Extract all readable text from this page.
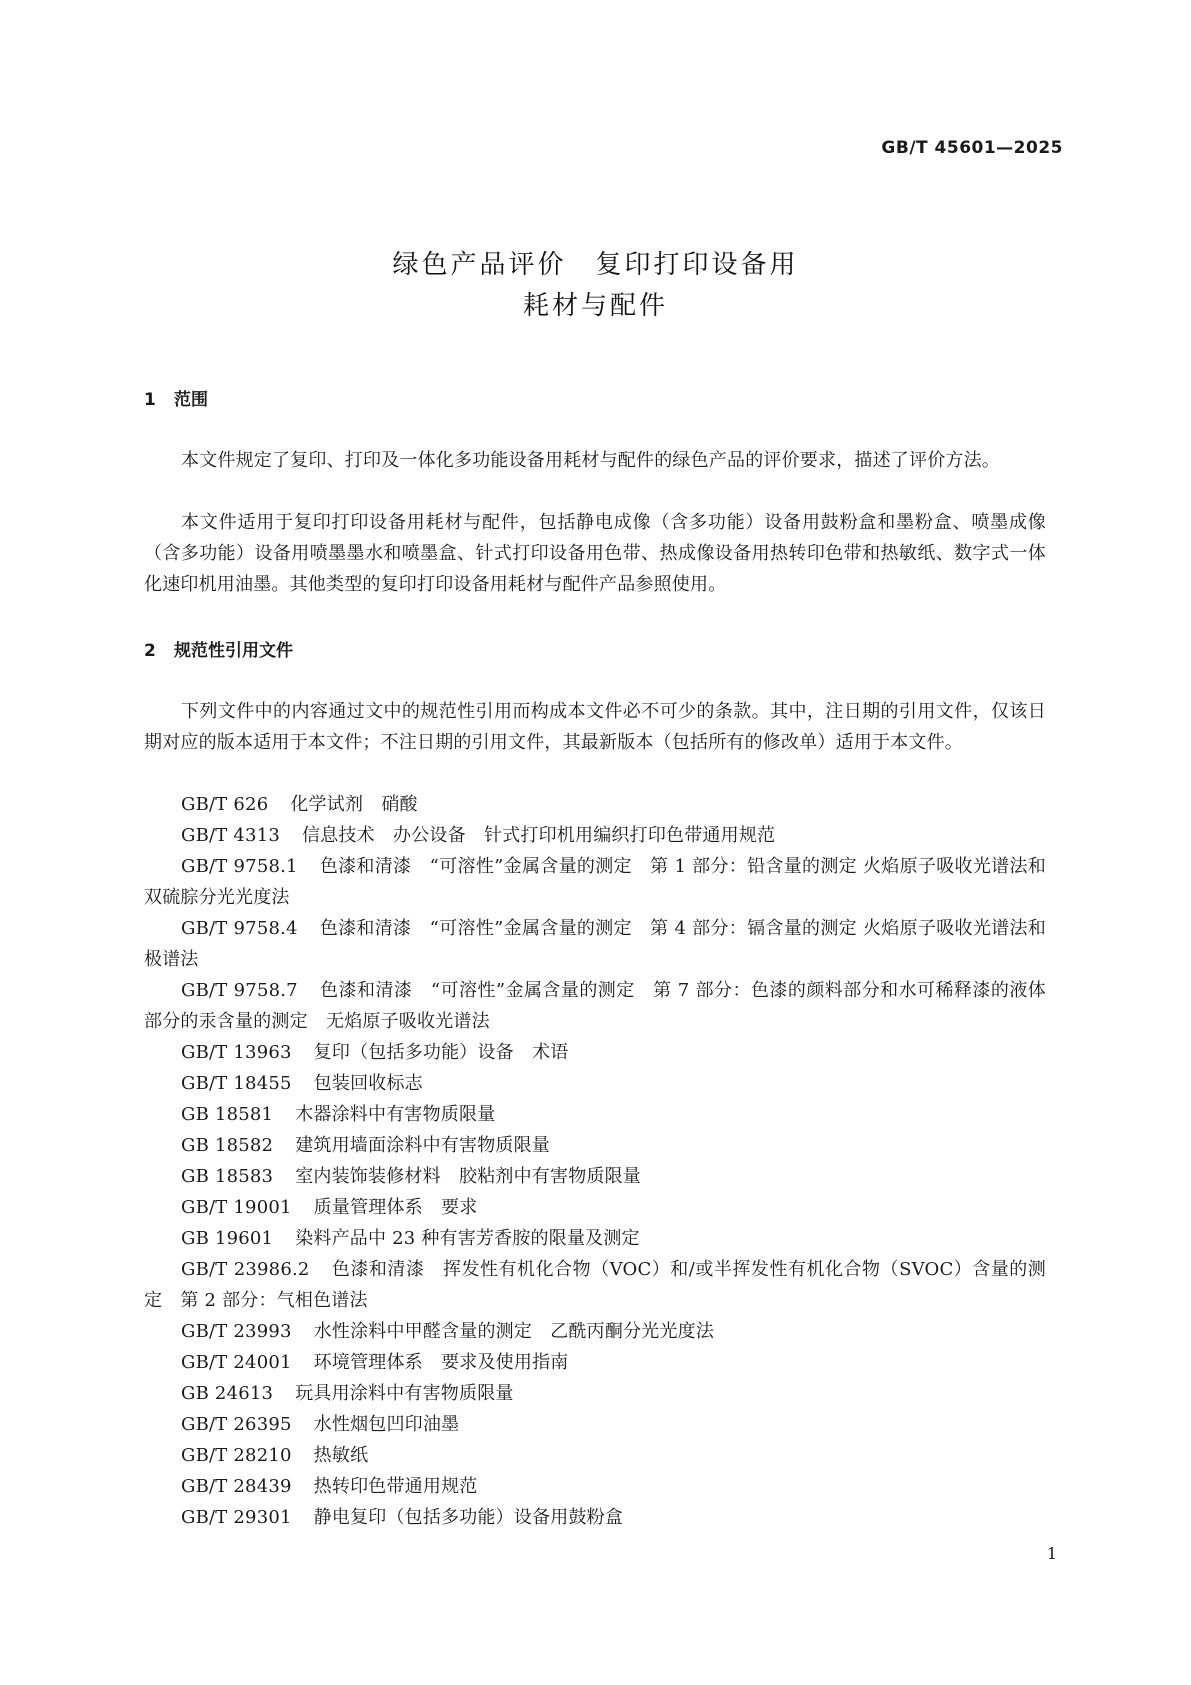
GB/T 45601—2025
绿色产品评价　复印打印设备用
耗材与配件
1 范围

本文件规定了复印、打印及一体化多功能设备用耗材与配件的绿色产品的评价要求，描述了评价方法。

本文件适用于复印打印设备用耗材与配件，包括静电成像（含多功能）设备用鼓粉盒和墨粉盒、喷墨成像（含多功能）设备用喷墨墨水和喷墨盒、针式打印设备用色带、热成像设备用热转印色带和热敏纸、数字式一体化速印机用油墨。其他类型的复印打印设备用耗材与配件产品参照使用。

2 规范性引用文件

下列文件中的内容通过文中的规范性引用而构成本文件必不可少的条款。其中，注日期的引用文件，仅该日期对应的版本适用于本文件；不注日期的引用文件，其最新版本（包括所有的修改单）适用于本文件。

GB/T 626 化学试剂　硝酸
GB/T 4313 信息技术　办公设备　针式打印机用编织打印色带通用规范
GB/T 9758.1 色漆和清漆　“可溶性”金属含量的测定　第 1 部分：铅含量的测定 火焰原子吸收光谱法和双硫腙分光光度法
GB/T 9758.4 色漆和清漆　“可溶性”金属含量的测定　第 4 部分：镉含量的测定 火焰原子吸收光谱法和极谱法
GB/T 9758.7 色漆和清漆　“可溶性”金属含量的测定　第 7 部分：色漆的颜料部分和水可稀释漆的液体部分的汞含量的测定　无焰原子吸收光谱法
GB/T 13963 复印（包括多功能）设备　术语
GB/T 18455 包装回收标志
GB 18581 木器涂料中有害物质限量
GB 18582 建筑用墙面涂料中有害物质限量
GB 18583 室内装饰装修材料　胶粘剂中有害物质限量
GB/T 19001 质量管理体系　要求
GB 19601 染料产品中 23 种有害芳香胺的限量及测定
GB/T 23986.2 色漆和清漆　挥发性有机化合物（VOC）和/或半挥发性有机化合物（SVOC）含量的测定　第 2 部分：气相色谱法
GB/T 23993 水性涂料中甲醛含量的测定　乙酰丙酮分光光度法
GB/T 24001 环境管理体系　要求及使用指南
GB 24613 玩具用涂料中有害物质限量
GB/T 26395 水性烟包凹印油墨
GB/T 28210 热敏纸
GB/T 28439 热转印色带通用规范
GB/T 29301 静电复印（包括多功能）设备用鼓粉盒
1
